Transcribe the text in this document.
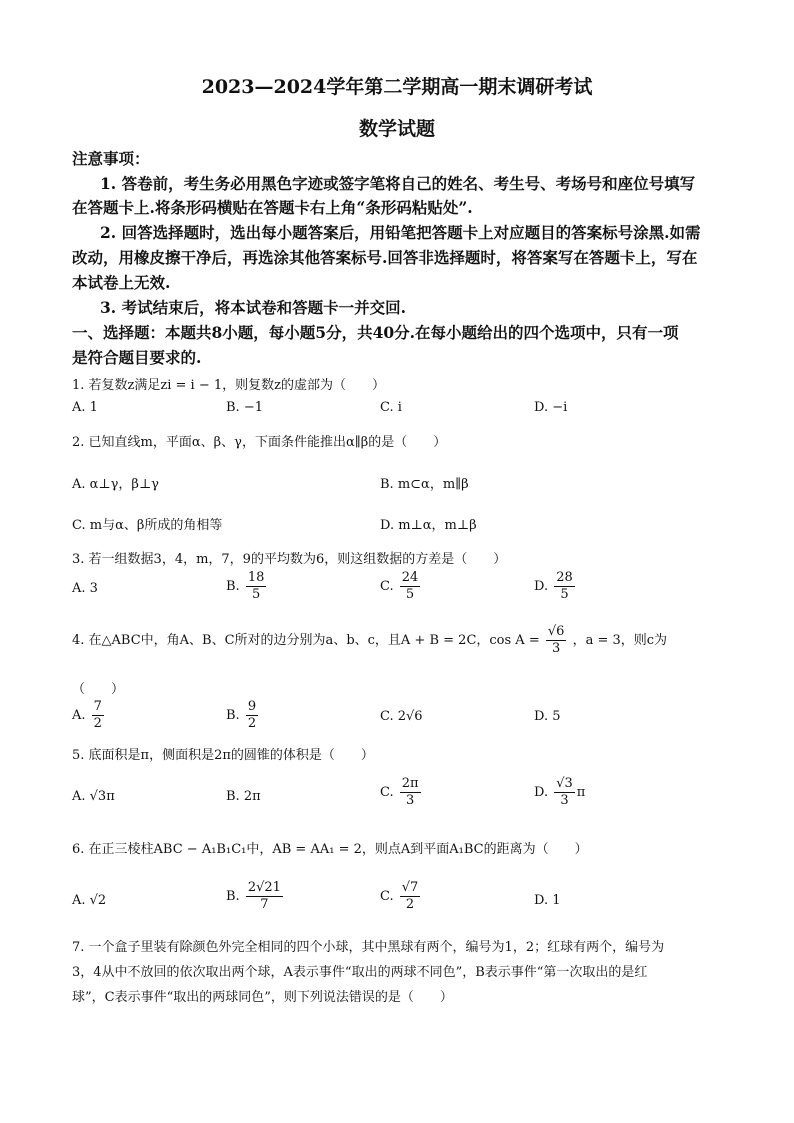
2023—2024学年第二学期高一期末调研考试
数学试题
注意事项：
1. 答卷前，考生务必用黑色字迹或签字笔将自己的姓名、考生号、考场号和座位号填写
在答题卡上.将条形码横贴在答题卡右上角“条形码粘贴处”.
2. 回答选择题时，选出每小题答案后，用铅笔把答题卡上对应题目的答案标号涂黑.如需
改动，用橡皮擦干净后，再选涂其他答案标号.回答非选择题时，将答案写在答题卡上，写在
本试卷上无效.
3. 考试结束后，将本试卷和答题卡一并交回.
一、选择题：本题共8小题，每小题5分，共40分.在每小题给出的四个选项中，只有一项
是符合题目要求的.
1. 若复数z满足zi = i − 1，则复数z的虚部为（　　）
A. 1	B. −1	C. i	D. −i
2. 已知直线m，平面α、β、γ，下面条件能推出α∥β的是（　　）
A. α⊥γ，β⊥γ	B. m⊂α，m∥β
C. m与α、β所成的角相等	D. m⊥α，m⊥β
3. 若一组数据3，4，m，7，9的平均数为6，则这组数据的方差是（　　）
A. 3	B. $\frac{18}{5}$	C. $\frac{24}{5}$	D. $\frac{28}{5}$
4. 在△ABC中，角A、B、C所对的边分别为a、b、c，且A + B = 2C，$\cos A = \frac{√6}{3}$ ，a = 3，则c为
（　　）
A. $\frac{7}{2}$	B. $\frac{9}{2}$	C. 2√6	D. 5
5. 底面积是π，侧面积是2π的圆锥的体积是（　　）
A. √3π	B. 2π	C. $\frac{2\pi}{3}$	D. $\frac{√3}{3}$ π
6. 在正三棱柱ABC − A₁B₁C₁中，AB = AA₁ = 2，则点A到平面A₁BC的距离为（　　）
A. √2	B. $\frac{2√21}{7}$	C. $\frac{√7}{2}$	D. 1
7. 一个盒子里装有除颜色外完全相同的四个小球，其中黑球有两个，编号为1，2；红球有两个，编号为
3，4从中不放回的依次取出两个球，A表示事件“取出的两球不同色”，B表示事件“第一次取出的是红
球”，C表示事件“取出的两球同色”，则下列说法错误的是（　　）
